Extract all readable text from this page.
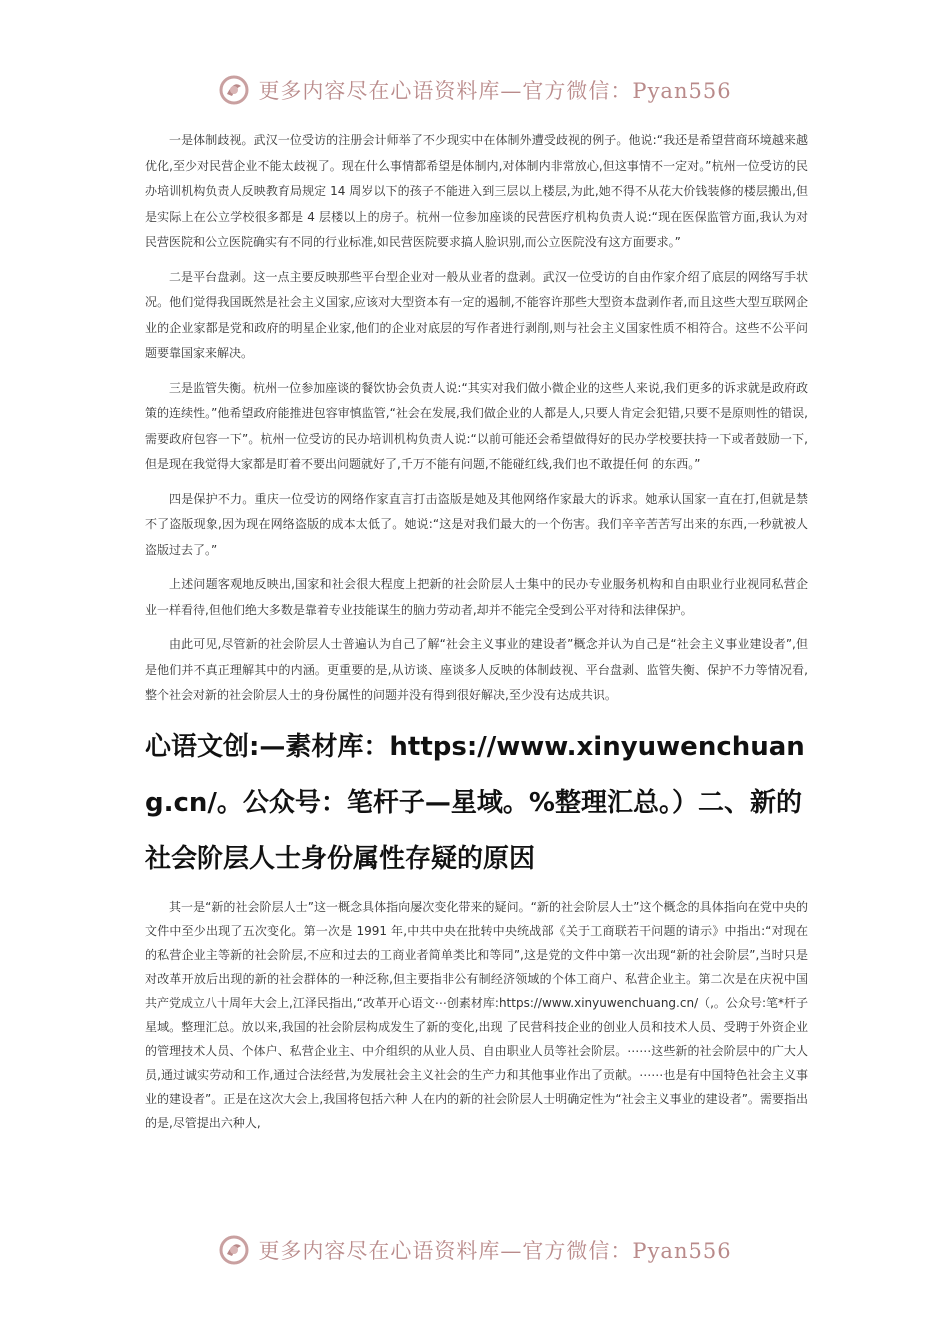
更多内容尽在心语资料库—官方微信：Pyan556

一是体制歧视。武汉一位受访的注册会计师举了不少现实中在体制外遭受歧视的例子。他说:“我还是希望营商环境越来越优化,至少对民营企业不能太歧视了。现在什么事情都希望是体制内,对体制内非常放心,但这事情不一定对。”杭州一位受访的民办培训机构负责人反映教育局规定 14 周岁以下的孩子不能进入到三层以上楼层,为此,她不得不从花大价钱装修的楼层搬出,但是实际上在公立学校很多都是 4 层楼以上的房子。杭州一位参加座谈的民营医疗机构负责人说:“现在医保监管方面,我认为对民营医院和公立医院确实有不同的行业标准,如民营医院要求搞人脸识别,而公立医院没有这方面要求。”

二是平台盘剥。这一点主要反映那些平台型企业对一般从业者的盘剥。武汉一位受访的自由作家介绍了底层的网络写手状况。他们觉得我国既然是社会主义国家,应该对大型资本有一定的遏制,不能容许那些大型资本盘剥作者,而且这些大型互联网企业的企业家都是党和政府的明星企业家,他们的企业对底层的写作者进行剥削,则与社会主义国家性质不相符合。这些不公平问题要靠国家来解决。

三是监管失衡。杭州一位参加座谈的餐饮协会负责人说:“其实对我们做小微企业的这些人来说,我们更多的诉求就是政府政策的连续性。”他希望政府能推进包容审慎监管,“社会在发展,我们做企业的人都是人,只要人肯定会犯错,只要不是原则性的错误,需要政府包容一下”。杭州一位受访的民办培训机构负责人说:“以前可能还会希望做得好的民办学校要扶持一下或者鼓励一下,但是现在我觉得大家都是盯着不要出问题就好了,千万不能有问题,不能碰红线,我们也不敢提任何 的东西。”

四是保护不力。重庆一位受访的网络作家直言打击盗版是她及其他网络作家最大的诉求。她承认国家一直在打,但就是禁不了盗版现象,因为现在网络盗版的成本太低了。她说:“这是对我们最大的一个伤害。我们辛辛苦苦写出来的东西,一秒就被人盗版过去了。”

上述问题客观地反映出,国家和社会很大程度上把新的社会阶层人士集中的民办专业服务机构和自由职业行业视同私营企业一样看待,但他们绝大多数是靠着专业技能谋生的脑力劳动者,却并不能完全受到公平对待和法律保护。

由此可见,尽管新的社会阶层人士普遍认为自己了解“社会主义事业的建设者”概念并认为自己是“社会主义事业建设者”,但是他们并不真正理解其中的内涵。更重要的是,从访谈、座谈多人反映的体制歧视、平台盘剥、监管失衡、保护不力等情况看,整个社会对新的社会阶层人士的身份属性的问题并没有得到很好解决,至少没有达成共识。

心语文创:—素材库：https://www.xinyuwenchuang.cn/。公众号：笔杆子—星域。%整理汇总。）二、新的社会阶层人士身份属性存疑的原因

其一是“新的社会阶层人士”这一概念具体指向屡次变化带来的疑问。“新的社会阶层人士”这个概念的具体指向在党中央的文件中至少出现了五次变化。第一次是 1991 年,中共中央在批转中央统战部《关于工商联若干问题的请示》中指出:“对现在的私营企业主等新的社会阶层,不应和过去的工商业者简单类比和等同”,这是党的文件中第一次出现“新的社会阶层”,当时只是对改革开放后出现的新的社会群体的一种泛称,但主要指非公有制经济领域的个体工商户、私营企业主。第二次是在庆祝中国共产党成立八十周年大会上,江泽民指出,“改革开心语文⋯创素材库:https://www.xinyuwenchuang.cn/（,。公众号:笔*杆子星域。整理汇总。放以来,我国的社会阶层构成发生了新的变化,出现 了民营科技企业的创业人员和技术人员、受聘于外资企业的管理技术人员、个体户、私营企业主、中介组织的从业人员、自由职业人员等社会阶层。⋯⋯这些新的社会阶层中的广大人员,通过诚实劳动和工作,通过合法经营,为发展社会主义社会的生产力和其他事业作出了贡献。⋯⋯也是有中国特色社会主义事业的建设者”。正是在这次大会上,我国将包括六种 人在内的新的社会阶层人士明确定性为“社会主义事业的建设者”。需要指出的是,尽管提出六种人,

更多内容尽在心语资料库—官方微信：Pyan556
